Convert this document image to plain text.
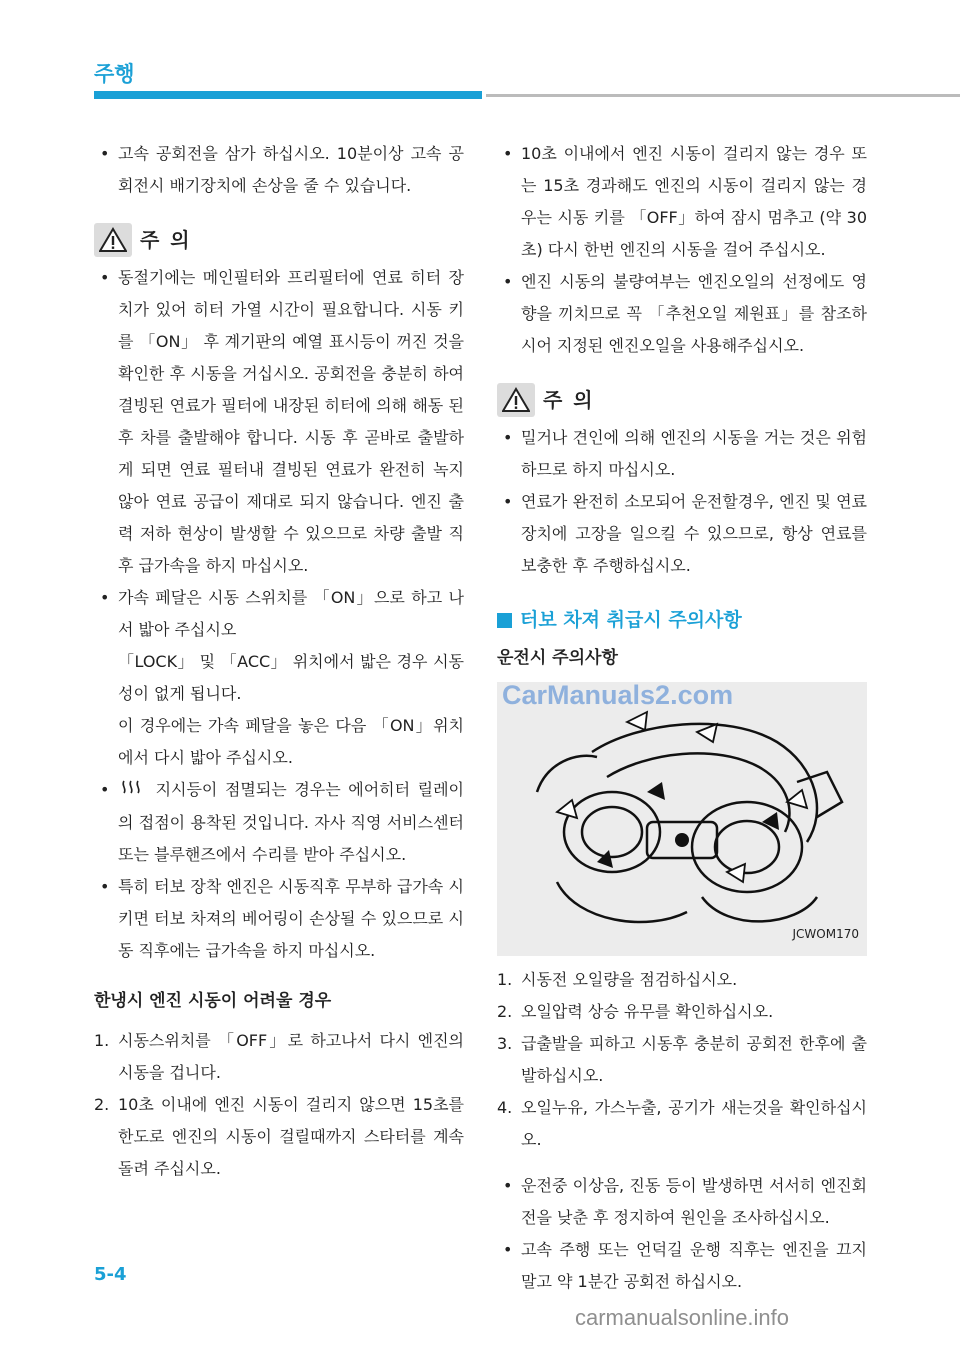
주행
• 고속 공회전을 삼가 하십시오. 10분이상 고속 공회전시 배기장치에 손상을 줄 수 있습니다.
주 의
• 동절기에는 메인필터와 프리필터에 연료 히터 장치가 있어 히터 가열 시간이 필요합니다. 시동 키를 「ON」 후 계기판의 예열 표시등이 꺼진 것을 확인한 후 시동을 거십시오. 공회전을 충분히 하여 결빙된 연료가 필터에 내장된 히터에 의해 해동 된 후 차를 출발해야 합니다. 시동 후 곧바로 출발하게 되면 연료 필터내 결빙된 연료가 완전히 녹지 않아 연료 공급이 제대로 되지 않습니다. 엔진 출력 저하 현상이 발생할 수 있으므로 차량 출발 직후 급가속을 하지 마십시오.
• 가속 페달은 시동 스위치를 「ON」으로 하고 나서 밟아 주십시오
「LOCK」 및 「ACC」 위치에서 밟은 경우 시동성이 없게 됩니다.
이 경우에는 가속 페달을 놓은 다음 「ON」위치에서 다시 밟아 주십시오.
•	지시등이 점멸되는 경우는 에어히터 릴레이의 접점이 용착된 것입니다. 자사 직영 서비스센터 또는 블루핸즈에서 수리를 받아 주십시오.
• 특히 터보 장착 엔진은 시동직후 무부하 급가속 시키면 터보 차져의 베어링이 손상될 수 있으므로 시동 직후에는 급가속을 하지 마십시오.
한냉시 엔진 시동이 어려울 경우
1. 시동스위치를 「OFF」로 하고나서 다시 엔진의 시동을 겁니다.
2. 10초 이내에 엔진 시동이 걸리지 않으면 15초를 한도로 엔진의 시동이 걸릴때까지 스타터를 계속 돌려 주십시오.
• 10초 이내에서 엔진 시동이 걸리지 않는 경우 또는 15초 경과해도 엔진의 시동이 걸리지 않는 경우는 시동 키를 「OFF」하여 잠시 멈추고 (약 30초) 다시 한번 엔진의 시동을 걸어 주십시오.
• 엔진 시동의 불량여부는 엔진오일의 선정에도 영향을 끼치므로 꼭 「추천오일 제원표」를 참조하시어 지정된 엔진오일을 사용해주십시오.
주 의
• 밀거나 견인에 의해 엔진의 시동을 거는 것은 위험하므로 하지 마십시오.
• 연료가 완전히 소모되어 운전할경우, 엔진 및 연료장치에 고장을 일으킬 수 있으므로, 항상 연료를 보충한 후 주행하십시오.
터보 차져 취급시 주의사항
운전시 주의사항
JCWOM170
1. 시동전 오일량을 점검하십시오.
2. 오일압력 상승 유무를 확인하십시오.
3. 급출발을 피하고 시동후 충분히 공회전 한후에 출발하십시오.
4. 오일누유, 가스누출, 공기가 새는것을 확인하십시오.
• 운전중 이상음, 진동 등이 발생하면 서서히 엔진회전을 낮춘 후 정지하여 원인을 조사하십시오.
• 고속 주행 또는 언덕길 운행 직후는 엔진을 끄지 말고 약 1분간 공회전 하십시오.
CarManuals2.com
5-4
carmanualsonline.info
